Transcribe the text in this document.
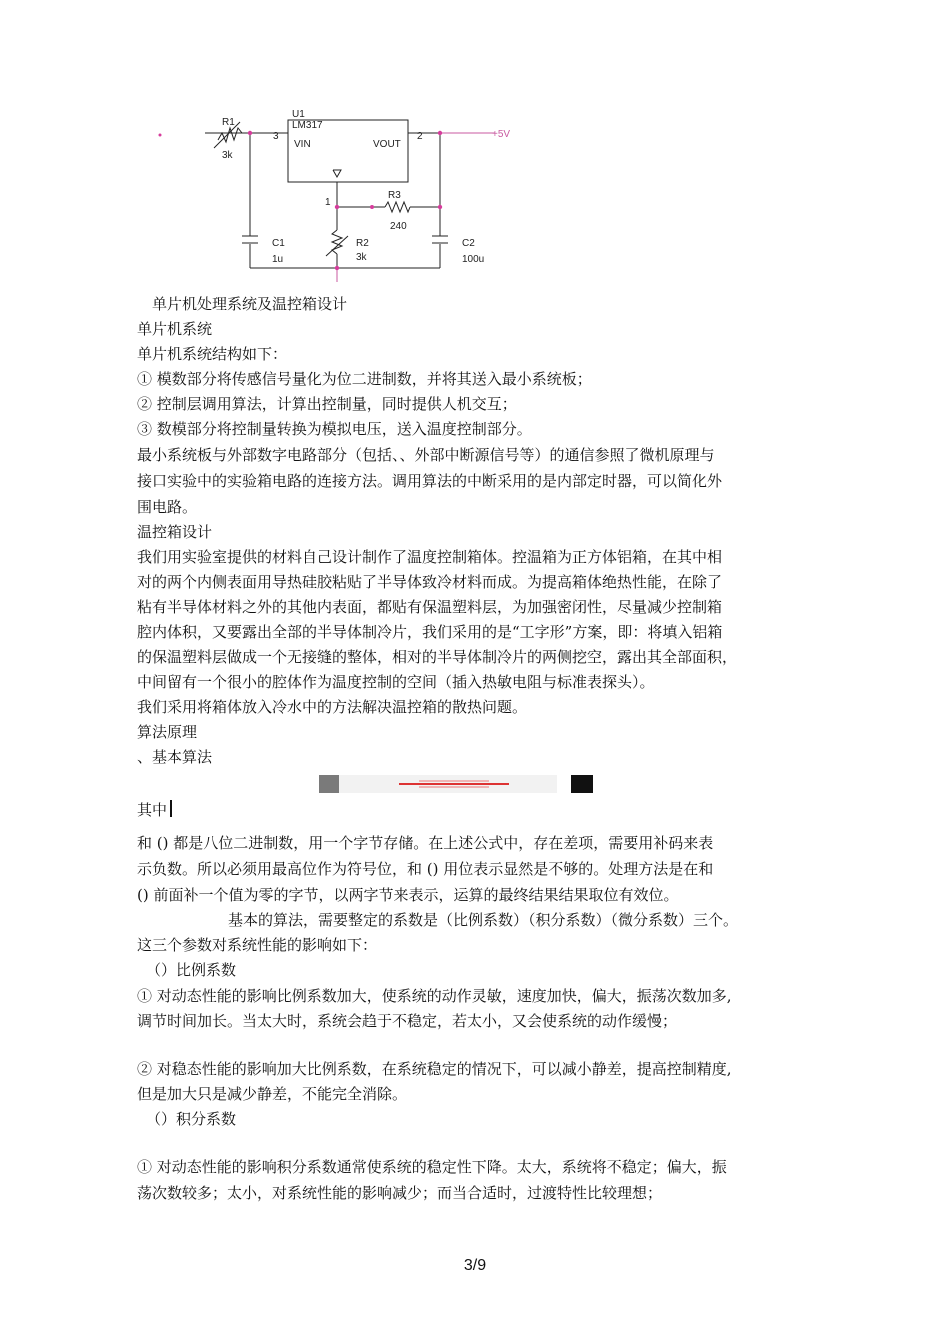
U1
LM317
VIN	VOUT
3	2
1
R1
3k
+5V
R3
240
R2
3k
C1
1u
C2
100u
　单片机处理系统及温控箱设计
单片机系统
单片机系统结构如下：
① 模数部分将传感信号量化为位二进制数，并将其送入最小系统板；
② 控制层调用算法，计算出控制量，同时提供人机交互；
③ 数模部分将控制量转换为模拟电压，送入温度控制部分。
最小系统板与外部数字电路部分（包括、、外部中断源信号等）的通信参照了微机原理与
接口实验中的实验箱电路的连接方法。调用算法的中断采用的是内部定时器，可以简化外
围电路。
温控箱设计
我们用实验室提供的材料自己设计制作了温度控制箱体。控温箱为正方体铝箱，在其中相
对的两个内侧表面用导热硅胶粘贴了半导体致冷材料而成。为提高箱体绝热性能，在除了
粘有半导体材料之外的其他内表面，都贴有保温塑料层，为加强密闭性，尽量减少控制箱
腔内体积，又要露出全部的半导体制冷片，我们采用的是“工字形”方案，即：将填入铝箱
的保温塑料层做成一个无接缝的整体，相对的半导体制冷片的两侧挖空，露出其全部面积，
中间留有一个很小的腔体作为温度控制的空间（插入热敏电阻与标准表探头）。
我们采用将箱体放入冷水中的方法解决温控箱的散热问题。
算法原理
、基本算法
其中
和 () 都是八位二进制数，用一个字节存储。在上述公式中，存在差项，需要用补码来表
示负数。所以必须用最高位作为符号位，和 () 用位表示显然是不够的。处理方法是在和
() 前面补一个值为零的字节，以两字节来表示，运算的最终结果结果取位有效位。
基本的算法，需要整定的系数是（比例系数）（积分系数）（微分系数）三个。
这三个参数对系统性能的影响如下：
（）比例系数
① 对动态性能的影响比例系数加大，使系统的动作灵敏，速度加快，偏大，振荡次数加多,
调节时间加长。当太大时，系统会趋于不稳定，若太小，又会使系统的动作缓慢；
② 对稳态性能的影响加大比例系数，在系统稳定的情况下，可以减小静差，提高控制精度,
但是加大只是减少静差，不能完全消除。
（）积分系数
① 对动态性能的影响积分系数通常使系统的稳定性下降。太大，系统将不稳定；偏大，振
荡次数较多；太小，对系统性能的影响减少；而当合适时，过渡特性比较理想；
3/9
